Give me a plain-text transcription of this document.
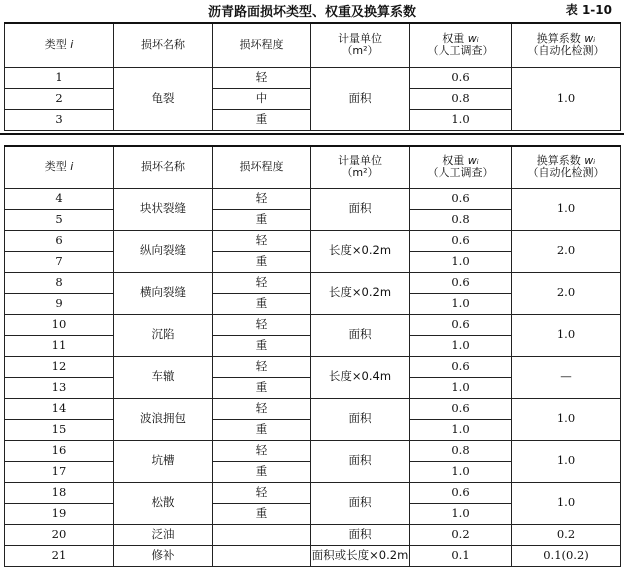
沥青路面损坏类型、权重及换算系数	表 1-10
类型 i	损坏名称	损坏程度	计量单位
（m²）	权重 wᵢ
（人工调查）	换算系数 wᵢ
（自动化检测）

1	龟裂	轻	面积	0.6	1.0
2		中		0.8	
3		重		1.0	
类型 i	损坏名称	损坏程度	计量单位
（m²）	权重 wᵢ
（人工调查）	换算系数 wᵢ
（自动化检测）

4	块状裂缝	轻	面积	0.6	1.0
5		重		0.8	
6	纵向裂缝	轻	长度×0.2m	0.6	2.0
7		重		1.0	
8	横向裂缝	轻	长度×0.2m	0.6	2.0
9		重		1.0	
10	沉陷	轻	面积	0.6	1.0
11		重		1.0	
12	车辙	轻	长度×0.4m	0.6	—
13		重		1.0	
14	波浪拥包	轻	面积	0.6	1.0
15		重		1.0	
16	坑槽	轻	面积	0.8	1.0
17		重		1.0	
18	松散	轻	面积	0.6	1.0
19		重		1.0	
20	泛油		面积	0.2	0.2
21	修补		面积或长度×0.2m	0.1	0.1(0.2)
